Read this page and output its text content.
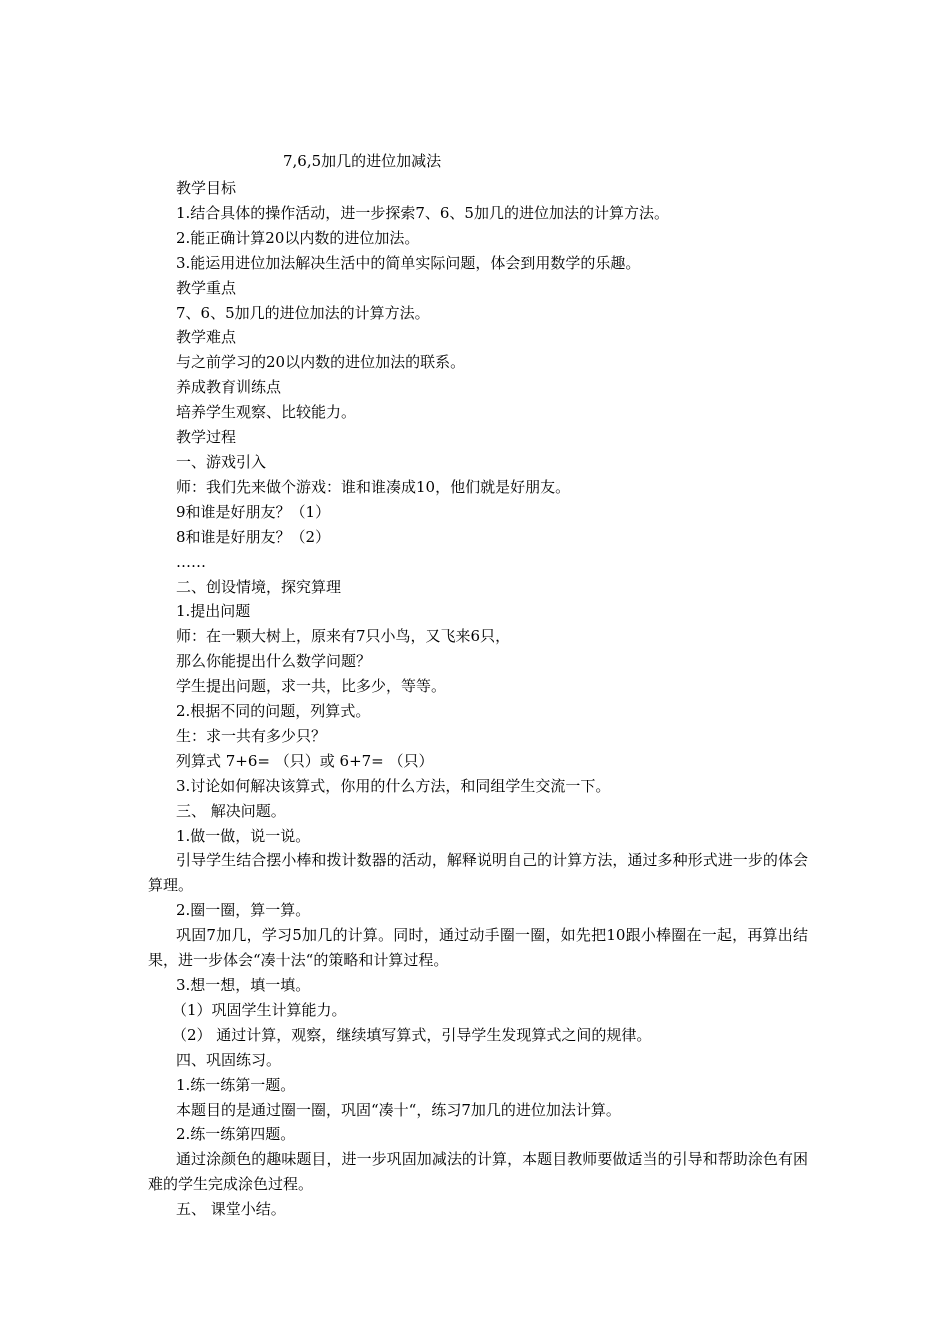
7,6,5加几的进位加减法
教学目标
1.结合具体的操作活动，进一步探索7、6、5加几的进位加法的计算方法。
2.能正确计算20以内数的进位加法。
3.能运用进位加法解决生活中的简单实际问题，体会到用数学的乐趣。
教学重点
7、6、5加几的进位加法的计算方法。
教学难点
与之前学习的20以内数的进位加法的联系。
养成教育训练点
培养学生观察、比较能力。
教学过程
一、游戏引入
师：我们先来做个游戏：谁和谁凑成10，他们就是好朋友。
9和谁是好朋友？（1）
8和谁是好朋友？（2）
……
二、创设情境，探究算理
1.提出问题
师：在一颗大树上，原来有7只小鸟，又飞来6只，
那么你能提出什么数学问题？
学生提出问题，求一共，比多少，等等。
2.根据不同的问题，列算式。
生：求一共有多少只？
列算式 7+6= （只）或 6+7= （只）
3.讨论如何解决该算式，你用的什么方法，和同组学生交流一下。
三、 解决问题。
1.做一做，说一说。
引导学生结合摆小棒和拨计数器的活动，解释说明自己的计算方法，通过多种形式进一步的体会算理。
2.圈一圈，算一算。
巩固7加几，学习5加几的计算。同时，通过动手圈一圈，如先把10跟小棒圈在一起，再算出结果，进一步体会“凑十法“的策略和计算过程。
3.想一想，填一填。
（1）巩固学生计算能力。
（2） 通过计算，观察，继续填写算式，引导学生发现算式之间的规律。
四、巩固练习。
1.练一练第一题。
本题目的是通过圈一圈，巩固“凑十“，练习7加几的进位加法计算。
2.练一练第四题。
通过涂颜色的趣味题目，进一步巩固加减法的计算，本题目教师要做适当的引导和帮助涂色有困难的学生完成涂色过程。
五、 课堂小结。
